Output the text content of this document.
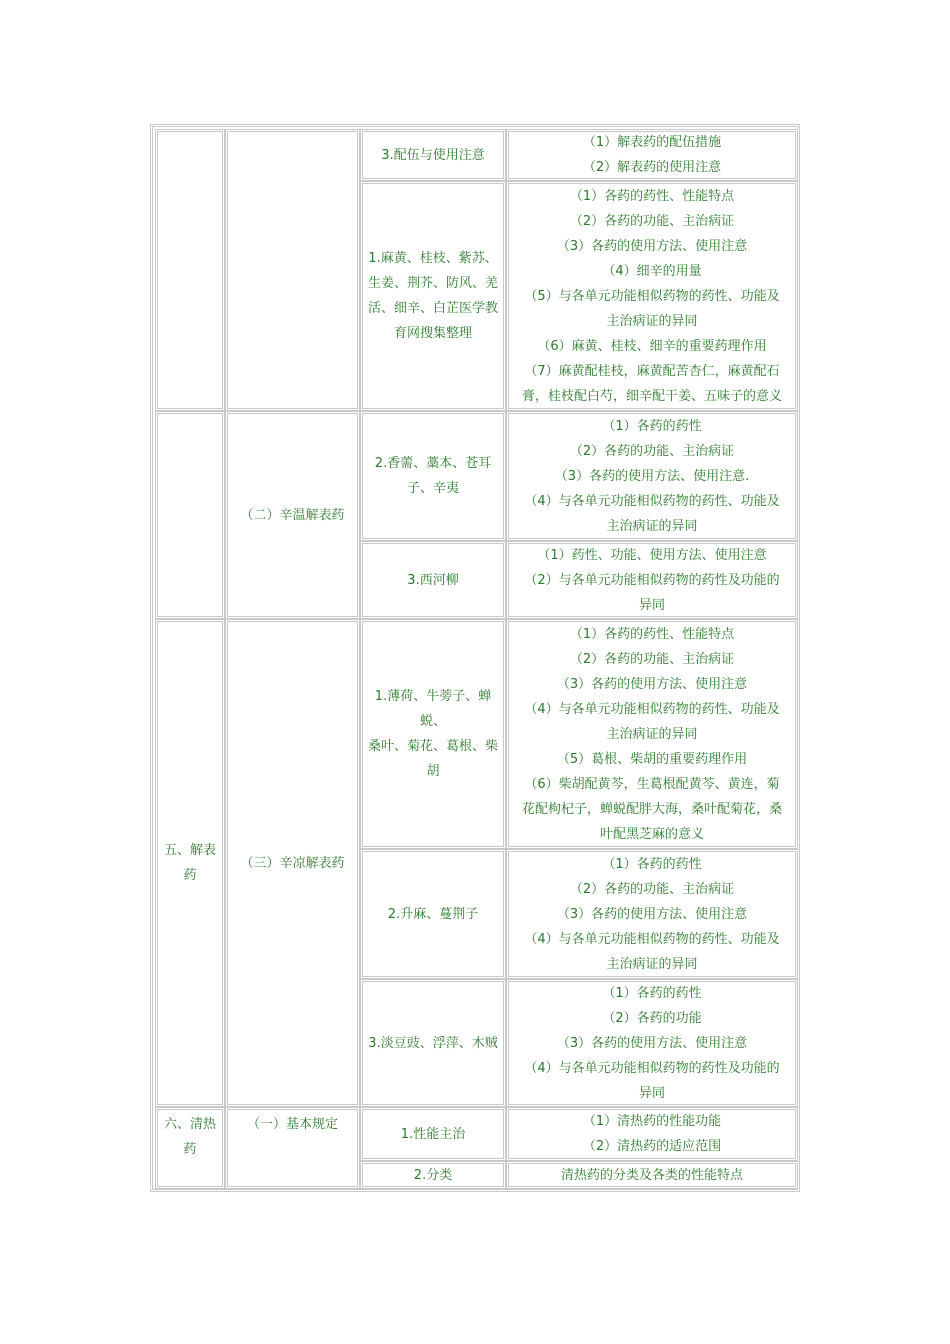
3.配伍与使用注意
（1）解表药的配伍措施
（2）解表药的使用注意
1.麻黄、桂枝、紫苏、
生姜、荆芥、防风、羌
活、细辛、白芷医学教
育网搜集整理
（1）各药的药性、性能特点
（2）各药的功能、主治病证
（3）各药的使用方法、使用注意
（4）细辛的用量
（5）与各单元功能相似药物的药性、功能及
主治病证的异同
（6）麻黄、桂枝、细辛的重要药理作用
（7）麻黄配桂枝，麻黄配苦杏仁，麻黄配石
膏，桂枝配白芍，细辛配干姜、五味子的意义
（二）辛温解表药
2.香薷、藁本、苍耳
子、辛夷
（1）各药的药性
（2）各药的功能、主治病证
（3）各药的使用方法、使用注意.
（4）与各单元功能相似药物的药性、功能及
主治病证的异同
3.西河柳
（1）药性、功能、使用方法、使用注意
（2）与各单元功能相似药物的药性及功能的
异同
五、解表
药
（三）辛凉解表药
1.薄荷、牛蒡子、蝉
蜕、
桑叶、菊花、葛根、柴
胡
（1）各药的药性、性能特点
（2）各药的功能、主治病证
（3）各药的使用方法、使用注意
（4）与各单元功能相似药物的药性、功能及
主治病证的异同
（5）葛根、柴胡的重要药理作用
（6）柴胡配黄芩，生葛根配黄芩、黄连，菊
花配枸杞子，蝉蜕配胖大海，桑叶配菊花，桑
叶配黑芝麻的意义
2.升麻、蔓荆子
（1）各药的药性
（2）各药的功能、主治病证
（3）各药的使用方法、使用注意
（4）与各单元功能相似药物的药性、功能及
主治病证的异同
3.淡豆豉、浮萍、木贼
（1）各药的药性
（2）各药的功能
（3）各药的使用方法、使用注意
（4）与各单元功能相似药物的药性及功能的
异同
六、清热
药
（一）基本规定
1.性能主治
（1）清热药的性能功能
（2）清热药的适应范围
2.分类	清热药的分类及各类的性能特点
